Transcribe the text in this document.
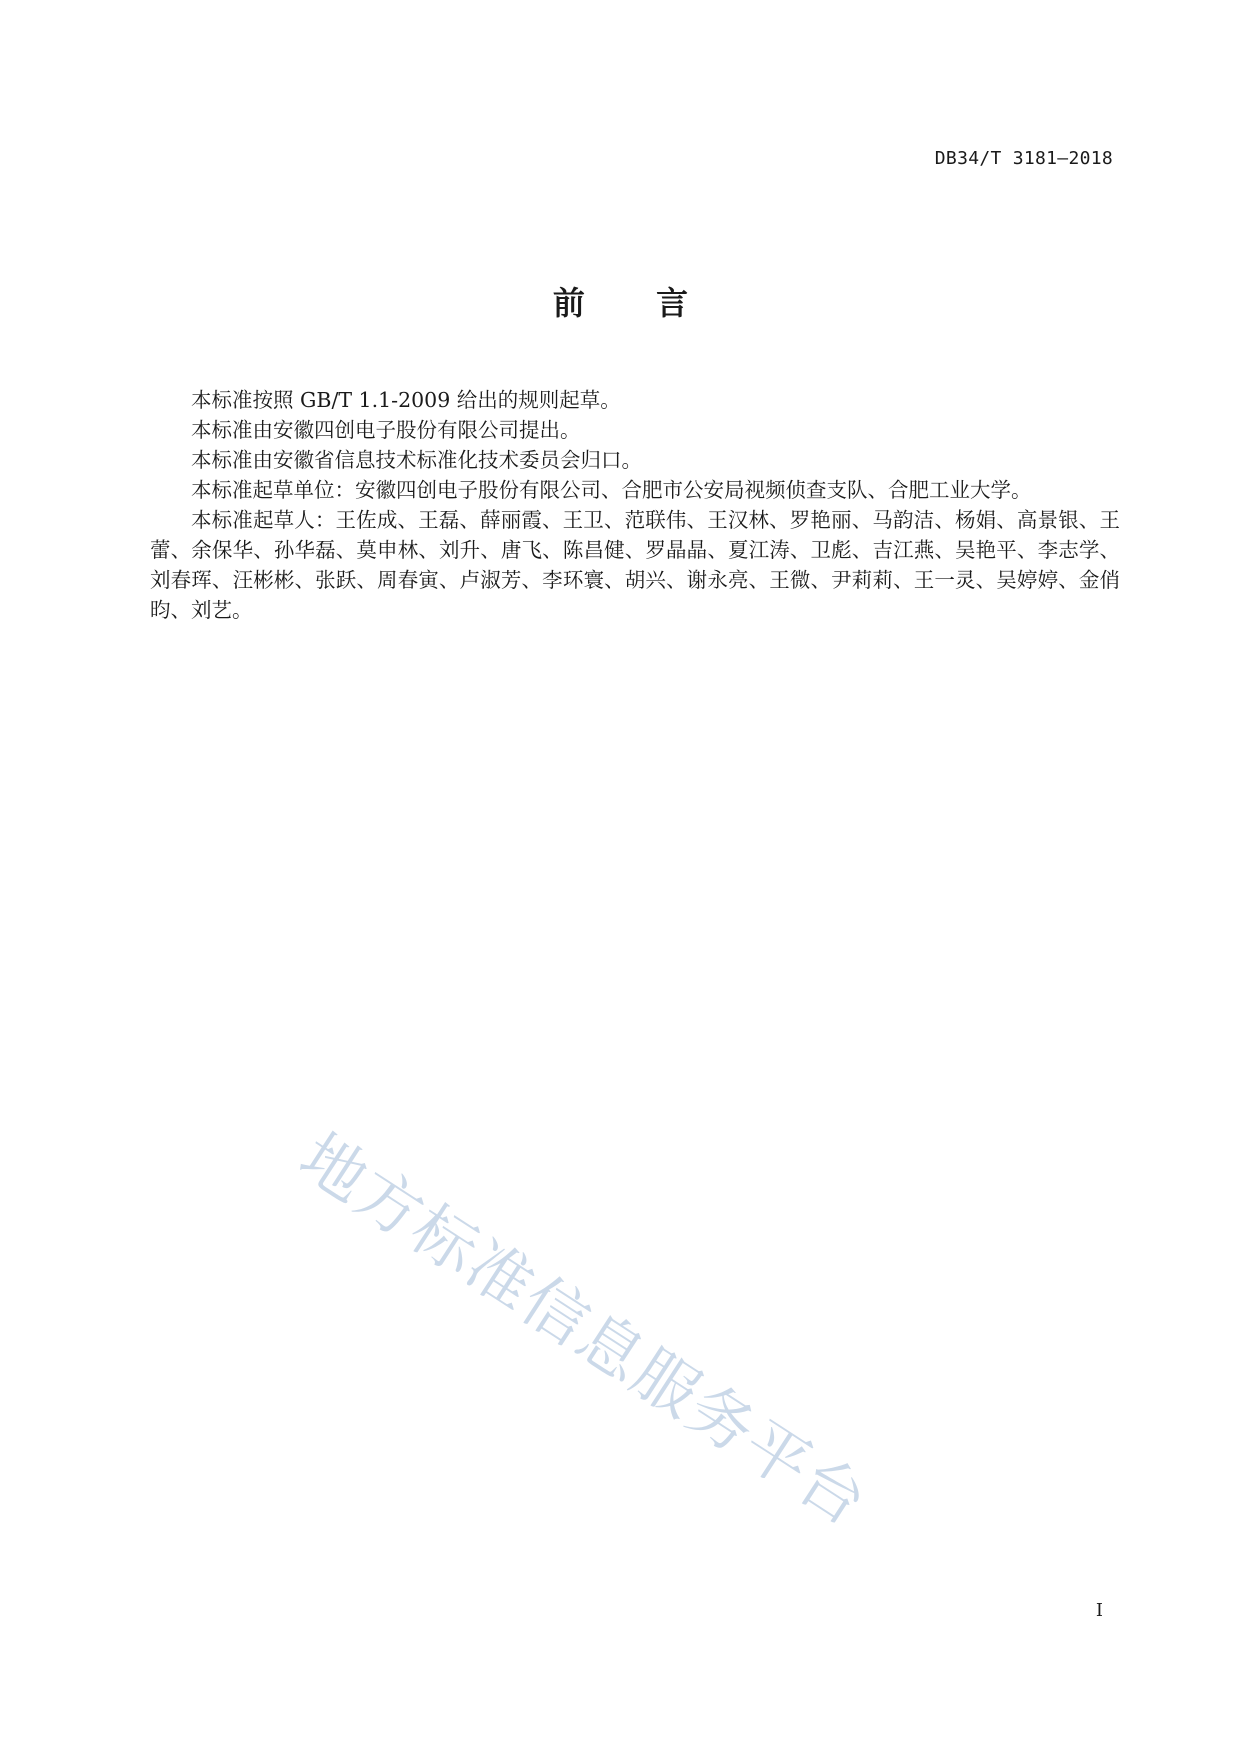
DB34/T 3181—2018
前 言

本标准按照 GB/T 1.1-2009 给出的规则起草。

本标准由安徽四创电子股份有限公司提出。

本标准由安徽省信息技术标准化技术委员会归口。

本标准起草单位：安徽四创电子股份有限公司、合肥市公安局视频侦查支队、合肥工业大学。

本标准起草人：王佐成、王磊、薛丽霞、王卫、范联伟、王汉林、罗艳丽、马韵洁、杨娟、高景银、王蕾、余保华、孙华磊、莫申林、刘升、唐飞、陈昌健、罗晶晶、夏江涛、卫彪、吉江燕、吴艳平、李志学、刘春珲、汪彬彬、张跃、周春寅、卢淑芳、李环寰、胡兴、谢永亮、王微、尹莉莉、王一灵、吴婷婷、金俏昀、刘艺。

地方标准信息服务平台
I
